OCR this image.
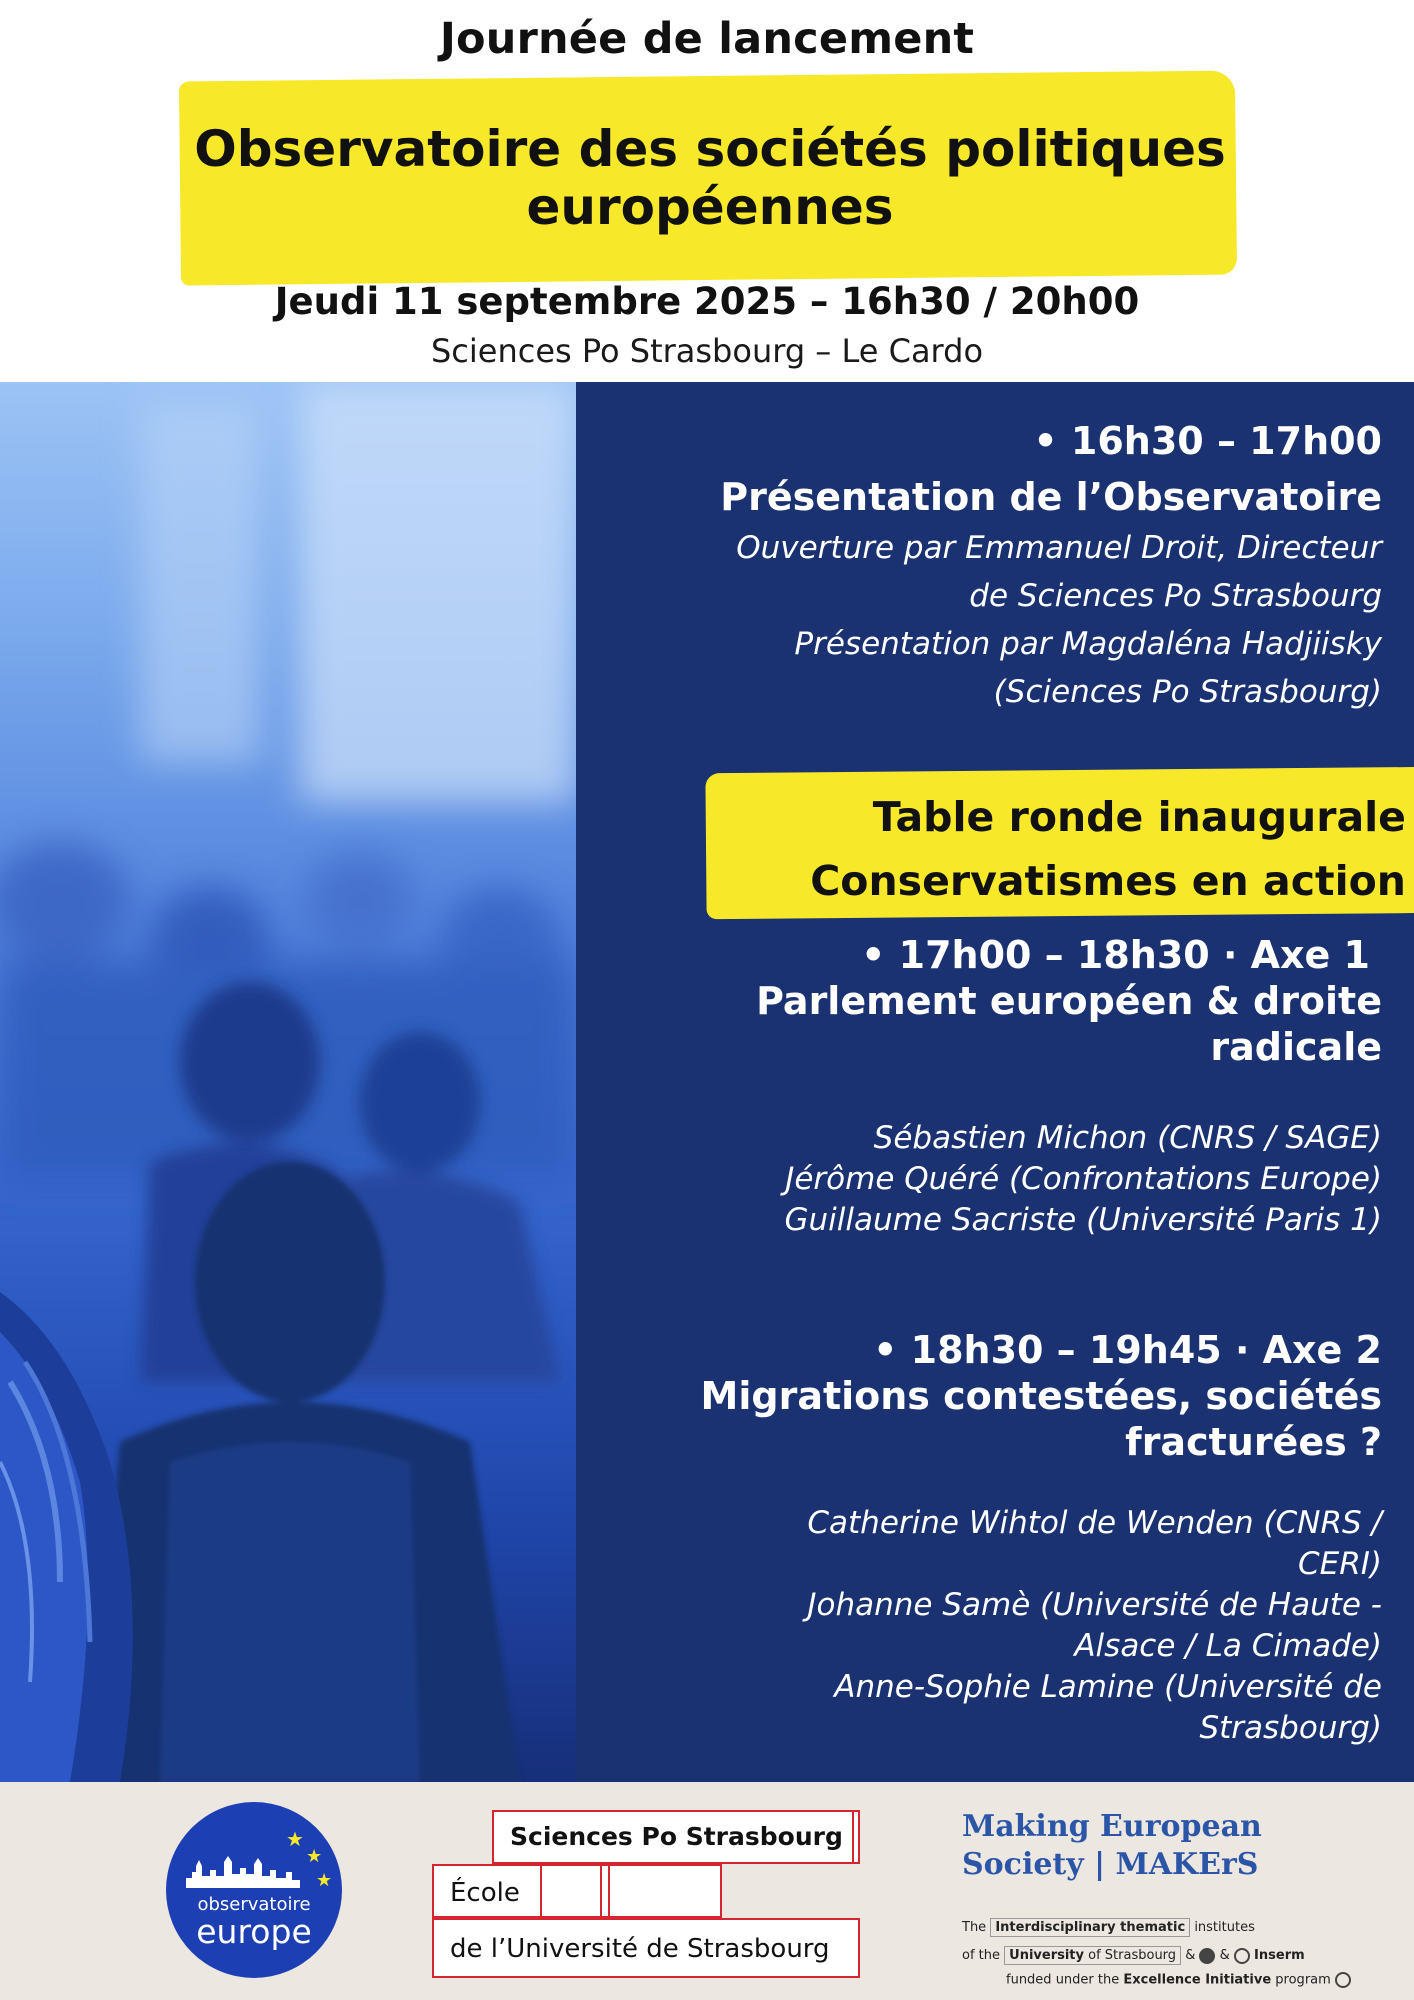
Journée de lancement
Observatoire des sociétés politiques
européennes
Jeudi 11 septembre 2025 – 16h30 / 20h00
Sciences Po Strasbourg – Le Cardo
• 16h30 – 17h00
Présentation de l’Observatoire
Ouverture par Emmanuel Droit, Directeur
de Sciences Po Strasbourg
Présentation par Magdaléna Hadjiisky
(Sciences Po Strasbourg)
Table ronde inaugurale
Conservatismes en action
• 17h00 – 18h30 · Axe 1
Parlement européen & droite
radicale
Sébastien Michon (CNRS / SAGE)
Jérôme Quéré (Confrontations Europe)
Guillaume Sacriste (Université Paris 1)
• 18h30 – 19h45 · Axe 2
Migrations contestées, sociétés
fracturées ?
Catherine Wihtol de Wenden (CNRS /
CERI)
Johanne Samè (Université de Haute -
Alsace / La Cimade)
Anne-Sophie Lamine (Université de
Strasbourg)
★
★
★
observatoire
europe
Sciences Po Strasbourg
École
de l’Université de Strasbourg
Making European
Society | MAKErS
The Interdisciplinary thematic institutes
of the University of Strasbourg & & Inserm
funded under the Excellence Initiative program
